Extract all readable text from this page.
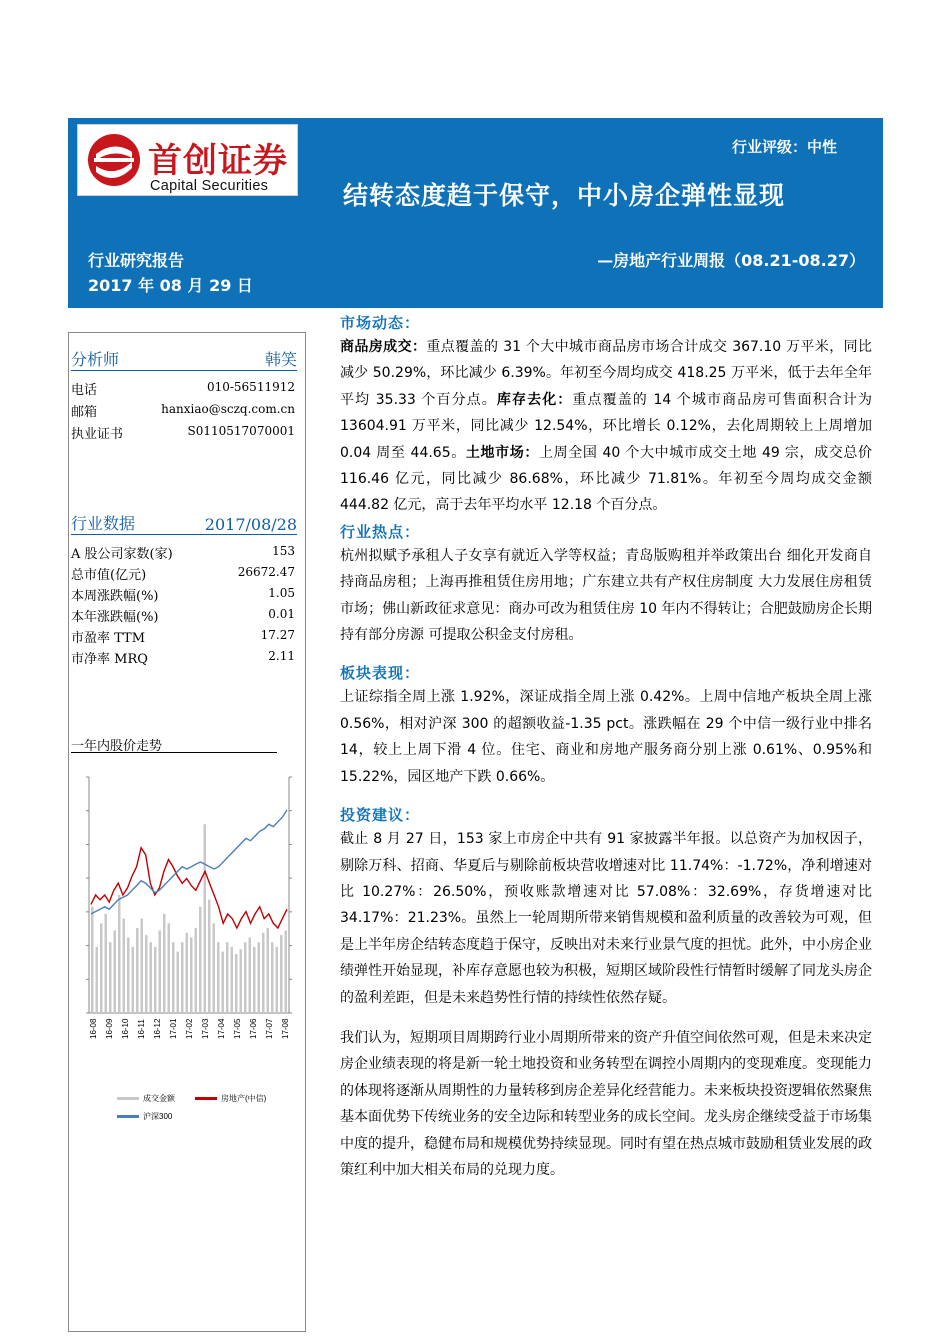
首创证券
Capital Securities
行业评级：中性
结转态度趋于保守，中小房企弹性显现
行业研究报告
2017 年 08 月 29 日
—房地产行业周报（08.21-08.27）
分析师	韩笑
电话	010-56511912
邮箱	hanxiao@sczq.com.cn
执业证书	S0110517070001
行业数据	2017/08/28
A 股公司家数(家)	153
总市值(亿元)	26672.47
本周涨跌幅(%)	1.05
本年涨跌幅(%)	0.01
市盈率 TTM	17.27
市净率 MRQ	2.11
一年内股价走势
16-08 16-09 16-10 16-11 16-12 17-01 17-02 17-03 17-04 17-05 17-06 17-07 17-08
成交金额	房地产(中信)
沪深300
市场动态：
商品房成交：重点覆盖的 31 个大中城市商品房市场合计成交 367.10 万平米，同比减少 50.29%，环比减少 6.39%。年初至今周均成交 418.25 万平米，低于去年全年平均 35.33 个百分点。库存去化：重点覆盖的 14 个城市商品房可售面积合计为 13604.91 万平米，同比减少 12.54%，环比增长 0.12%，去化周期较上上周增加 0.04 周至 44.65。土地市场：上周全国 40 个大中城市成交土地 49 宗，成交总价 116.46 亿元，同比减少 86.68%，环比减少 71.81%。年初至今周均成交金额 444.82 亿元，高于去年平均水平 12.18 个百分点。
行业热点：
杭州拟赋予承租人子女享有就近入学等权益；青岛版购租并举政策出台 细化开发商自持商品房租；上海再推租赁住房用地；广东建立共有产权住房制度 大力发展住房租赁市场；佛山新政征求意见：商办可改为租赁住房 10 年内不得转让；合肥鼓励房企长期持有部分房源 可提取公积金支付房租。
板块表现：
上证综指全周上涨 1.92%，深证成指全周上涨 0.42%。上周中信地产板块全周上涨 0.56%，相对沪深 300 的超额收益-1.35 pct。涨跌幅在 29 个中信一级行业中排名 14，较上上周下滑 4 位。住宅、商业和房地产服务商分别上涨 0.61%、0.95%和 15.22%，园区地产下跌 0.66%。
投资建议：
截止 8 月 27 日，153 家上市房企中共有 91 家披露半年报。以总资产为加权因子，剔除万科、招商、华夏后与剔除前板块营收增速对比 11.74%：-1.72%，净利增速对比 10.27%：26.50%，预收账款增速对比 57.08%：32.69%，存货增速对比 34.17%：21.23%。虽然上一轮周期所带来销售规模和盈利质量的改善较为可观，但是上半年房企结转态度趋于保守，反映出对未来行业景气度的担忧。此外，中小房企业绩弹性开始显现，补库存意愿也较为积极，短期区域阶段性行情暂时缓解了同龙头房企的盈利差距，但是未来趋势性行情的持续性依然存疑。
我们认为，短期项目周期跨行业小周期所带来的资产升值空间依然可观，但是未来决定房企业绩表现的将是新一轮土地投资和业务转型在调控小周期内的变现难度。变现能力的体现将逐渐从周期性的力量转移到房企差异化经营能力。未来板块投资逻辑依然聚焦基本面优势下传统业务的安全边际和转型业务的成长空间。龙头房企继续受益于市场集中度的提升，稳健布局和规模优势持续显现。同时有望在热点城市鼓励租赁业发展的政策红利中加大相关布局的兑现力度。
